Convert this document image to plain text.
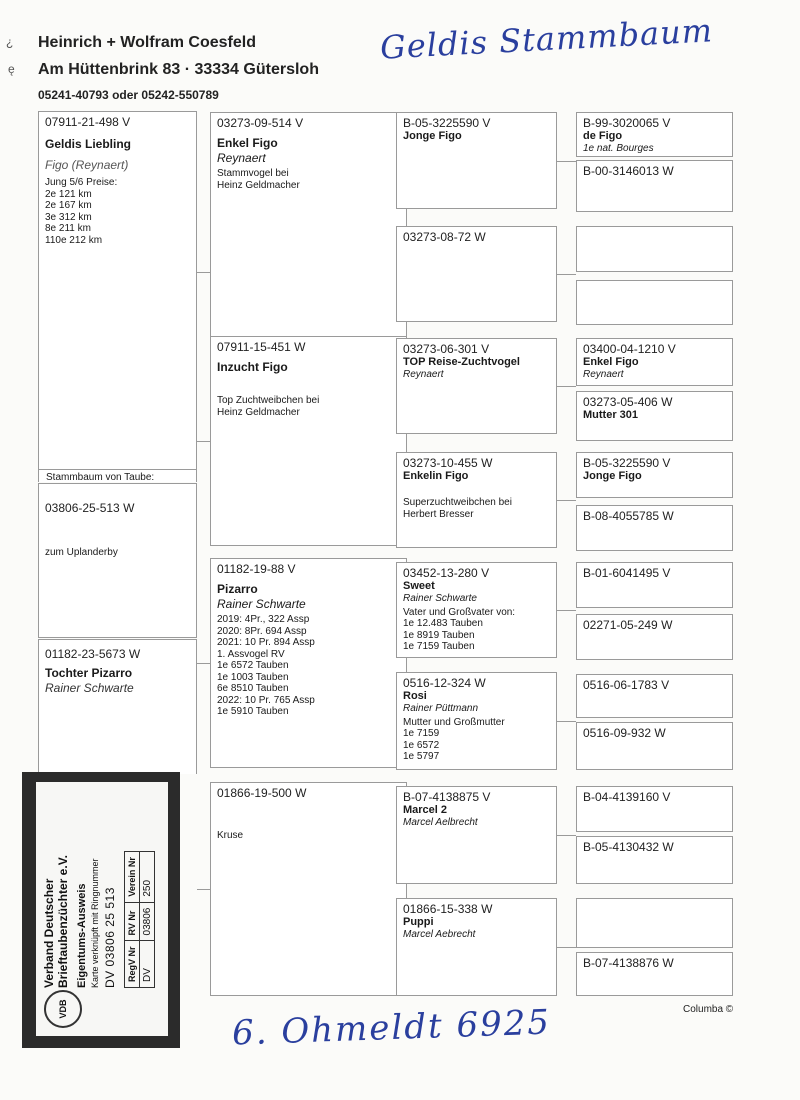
¿
ę
Heinrich + Wolfram Coesfeld
Am Hüttenbrink 83 · 33334 Gütersloh
05241-40793 oder 05242-550789
Geldis Stammbaum
6. Ohmeldt 6925
07911-21-498 V
Geldis Liebling
Figo (Reynaert)
Jung 5/6 Preise:
2e 121 km
2e 167 km
3e 312 km
8e 211 km
110e 212 km
Stammbaum von Taube:
03806-25-513 W
zum Uplanderby
01182-23-5673 W
Tochter Pizarro
Rainer Schwarte
03273-09-514 V
Enkel Figo
Reynaert
Stammvogel bei
Heinz Geldmacher
07911-15-451 W
Inzucht Figo
Top Zuchtweibchen bei
Heinz Geldmacher
01182-19-88 V
Pizarro
Rainer Schwarte
2019: 4Pr., 322 Assp
2020: 8Pr. 694 Assp
2021: 10 Pr. 894 Assp
1. Assvogel RV
1e 6572 Tauben
1e 1003 Tauben
6e 8510 Tauben
2022: 10 Pr. 765 Assp
1e 5910 Tauben
01866-19-500 W
Kruse
B-05-3225590 V
Jonge Figo
03273-08-72 W
03273-06-301 V
TOP Reise-Zuchtvogel
Reynaert
03273-10-455 W
Enkelin Figo
Superzuchtweibchen bei
Herbert Bresser
03452-13-280 V
Sweet
Rainer Schwarte
Vater und Großvater von:
1e 12.483 Tauben
1e 8919 Tauben
1e 7159 Tauben
0516-12-324 W
Rosi
Rainer Püttmann
Mutter und Großmutter
1e 7159
1e 6572
1e 5797
B-07-4138875 V
Marcel 2
Marcel Aelbrecht
01866-15-338 W
Puppi
Marcel Aebrecht
B-99-3020065 V
de Figo
1e nat. Bourges
B-00-3146013 W
03400-04-1210 V
Enkel Figo
Reynaert
03273-05-406 W
Mutter 301
B-05-3225590 V
Jonge Figo
B-08-4055785 W
B-01-6041495 V
02271-05-249 W
0516-06-1783 V
0516-09-932 W
B-04-4139160 V
B-05-4130432 W
B-07-4138876 W
Columba ©
VDB
Verband Deutscher Brieftaubenzüchter e.V. Eigentums-Ausweis Karte verknüpft mit Ringnummer DV 03806 25 513 RegV Nr	RV Nr	Verein Nr
DV	03806	250
